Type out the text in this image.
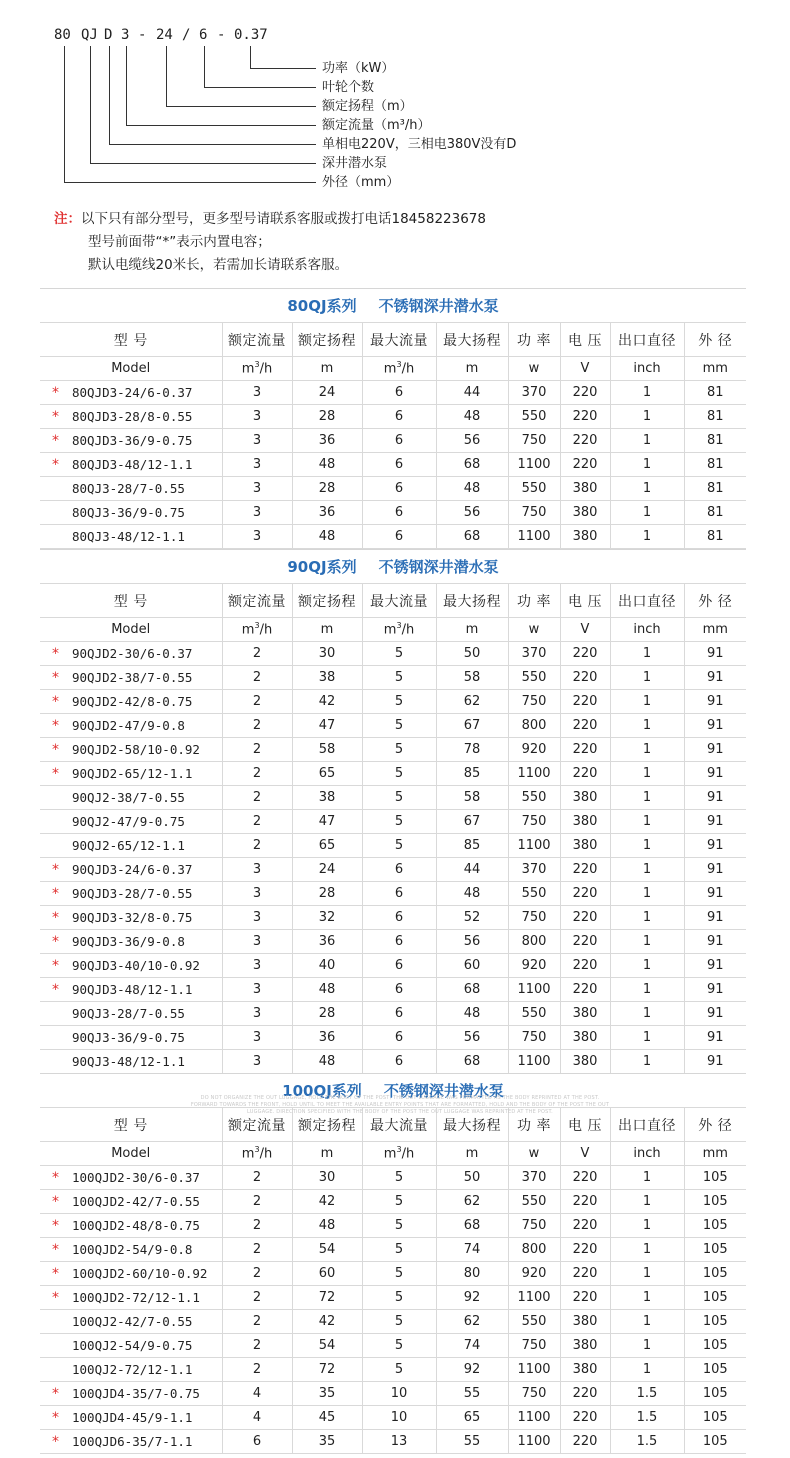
80 QJ D 3 - 24 / 6 - 0.37
功率（kW）
叶轮个数
额定扬程（m）
额定流量（m³/h）
单相电220V，三相电380V没有D
深井潜水泵
外径（mm）
注：以下只有部分型号，更多型号请联系客服或拨打电话18458223678
型号前面带“*”表示内置电容；
默认电缆线20米长，若需加长请联系客服。
80QJ系列 不锈钢深井潜水泵
型 号	额定流量	额定扬程	最大流量	最大扬程	功 率	电 压	出口直径	外 径
Model	$m^3/h$	m	$m^3/h$	m	w	V	inch	mm
* 80QJD3-24/6-0.37	3	24	6	44	370	220	1	81
* 80QJD3-28/8-0.55	3	28	6	48	550	220	1	81
* 80QJD3-36/9-0.75	3	36	6	56	750	220	1	81
* 80QJD3-48/12-1.1	3	48	6	68	1100	220	1	81
80QJ3-28/7-0.55	3	28	6	48	550	380	1	81
80QJ3-36/9-0.75	3	36	6	56	750	380	1	81
80QJ3-48/12-1.1	3	48	6	68	1100	380	1	81
90QJ系列 不锈钢深井潜水泵
型 号	额定流量	额定扬程	最大流量	最大扬程	功 率	电 压	出口直径	外 径
Model	$m^3/h$	m	$m^3/h$	m	w	V	inch	mm
* 90QJD2-30/6-0.37	2	30	5	50	370	220	1	91
* 90QJD2-38/7-0.55	2	38	5	58	550	220	1	91
* 90QJD2-42/8-0.75	2	42	5	62	750	220	1	91
* 90QJD2-47/9-0.8	2	47	5	67	800	220	1	91
* 90QJD2-58/10-0.92	2	58	5	78	920	220	1	91
* 90QJD2-65/12-1.1	2	65	5	85	1100	220	1	91
90QJ2-38/7-0.55	2	38	5	58	550	380	1	91
90QJ2-47/9-0.75	2	47	5	67	750	380	1	91
90QJ2-65/12-1.1	2	65	5	85	1100	380	1	91
* 90QJD3-24/6-0.37	3	24	6	44	370	220	1	91
* 90QJD3-28/7-0.55	3	28	6	48	550	220	1	91
* 90QJD3-32/8-0.75	3	32	6	52	750	220	1	91
* 90QJD3-36/9-0.8	3	36	6	56	800	220	1	91
* 90QJD3-40/10-0.92	3	40	6	60	920	220	1	91
* 90QJD3-48/12-1.1	3	48	6	68	1100	220	1	91
90QJ3-28/7-0.55	3	28	6	48	550	380	1	91
90QJ3-36/9-0.75	3	36	6	56	750	380	1	91
90QJ3-48/12-1.1	3	48	6	68	1100	380	1	91
100QJ系列 不锈钢深井潜水泵
型 号	额定流量	额定扬程	最大流量	最大扬程	功 率	电 压	出口直径	外 径
Model	$m^3/h$	m	$m^3/h$	m	w	V	inch	mm
* 100QJD2-30/6-0.37	2	30	5	50	370	220	1	105
* 100QJD2-42/7-0.55	2	42	5	62	550	220	1	105
* 100QJD2-48/8-0.75	2	48	5	68	750	220	1	105
* 100QJD2-54/9-0.8	2	54	5	74	800	220	1	105
* 100QJD2-60/10-0.92	2	60	5	80	920	220	1	105
* 100QJD2-72/12-1.1	2	72	5	92	1100	220	1	105
100QJ2-42/7-0.55	2	42	5	62	550	380	1	105
100QJ2-54/9-0.75	2	54	5	74	750	380	1	105
100QJ2-72/12-1.1	2	72	5	92	1100	380	1	105
* 100QJD4-35/7-0.75	4	35	10	55	750	220	1.5	105
* 100QJD4-45/9-1.1	4	45	10	65	1100	220	1.5	105
* 100QJD6-35/7-1.1	6	35	13	55	1100	220	1.5	105
DO NOT ORGANIZE THE OUT LUGGAGE, HOLD THE BODY OF THE POST, THE OUT LUGGAGE WAS FORMATTED AS THE BODY REPRINTED AT THE POST. FORWARD TOWARDS THE FRONT, HOLD UNTIL TO MEET THE AVAILABLE ENTRY POINTS THAT ARE FORMATTED, HOLD AND THE BODY OF THE POST THE OUT LUGGAGE. DIRECTION SPECIFIED WITH THE BODY OF THE POST THE OUT LUGGAGE WAS REPRINTED AT THE POST.
